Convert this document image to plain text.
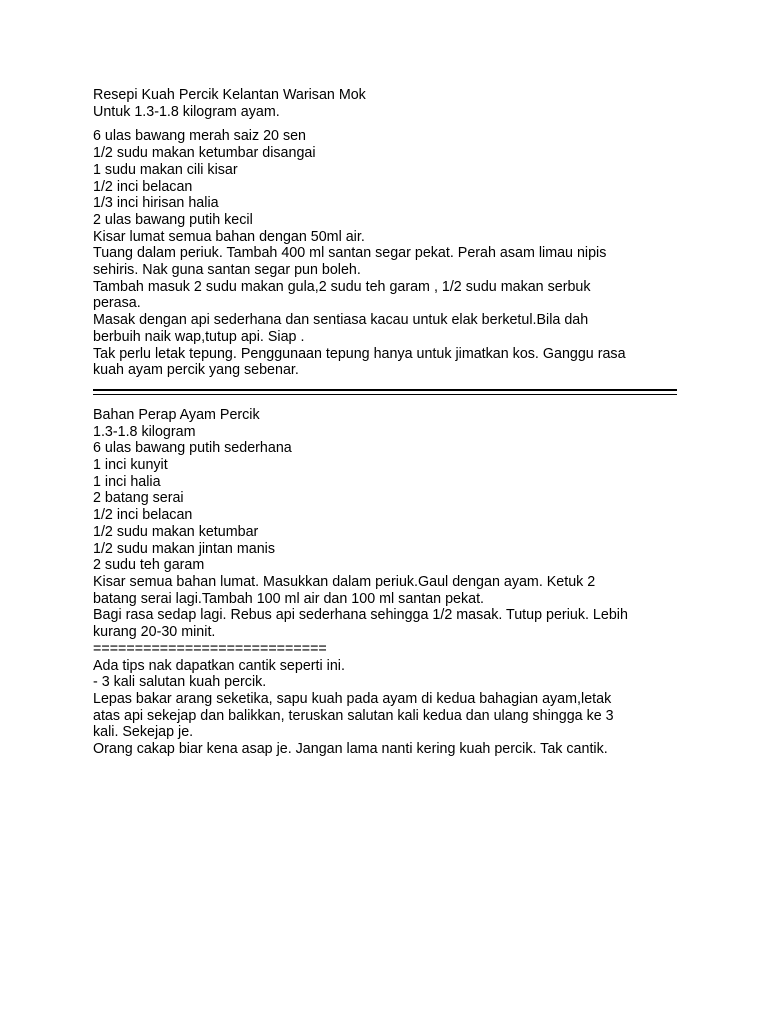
Resepi Kuah Percik Kelantan Warisan Mok
Untuk 1.3-1.8 kilogram ayam.
6 ulas bawang merah saiz 20 sen
1/2 sudu makan ketumbar disangai
1 sudu makan cili kisar
1/2 inci belacan
1/3 inci hirisan halia
2 ulas bawang putih kecil
Kisar lumat semua bahan dengan 50ml air.
Tuang dalam periuk. Tambah 400 ml santan segar pekat. Perah asam limau nipis
sehiris. Nak guna santan segar pun boleh.
Tambah masuk 2 sudu makan gula,2 sudu teh garam , 1/2 sudu makan serbuk
perasa.
Masak dengan api sederhana dan sentiasa kacau untuk elak berketul.Bila dah
berbuih naik wap,tutup api. Siap .
Tak perlu letak tepung. Penggunaan tepung hanya untuk jimatkan kos. Ganggu rasa
kuah ayam percik yang sebenar.
Bahan Perap Ayam Percik
1.3-1.8 kilogram
6 ulas bawang putih sederhana
1 inci kunyit
1 inci halia
2 batang serai
1/2 inci belacan
1/2 sudu makan ketumbar
1/2 sudu makan jintan manis
2 sudu teh garam
Kisar semua bahan lumat. Masukkan dalam periuk.Gaul dengan ayam. Ketuk 2
batang serai lagi.Tambah 100 ml air dan 100 ml santan pekat.
Bagi rasa sedap lagi. Rebus api sederhana sehingga 1/2 masak. Tutup periuk. Lebih
kurang 20-30 minit.
============================
Ada tips nak dapatkan cantik seperti ini.
- 3 kali salutan kuah percik.
Lepas bakar arang seketika, sapu kuah pada ayam di kedua bahagian ayam,letak
atas api sekejap dan balikkan, teruskan salutan kali kedua dan ulang shingga ke 3
kali. Sekejap je.
Orang cakap biar kena asap je. Jangan lama nanti kering kuah percik. Tak cantik.
